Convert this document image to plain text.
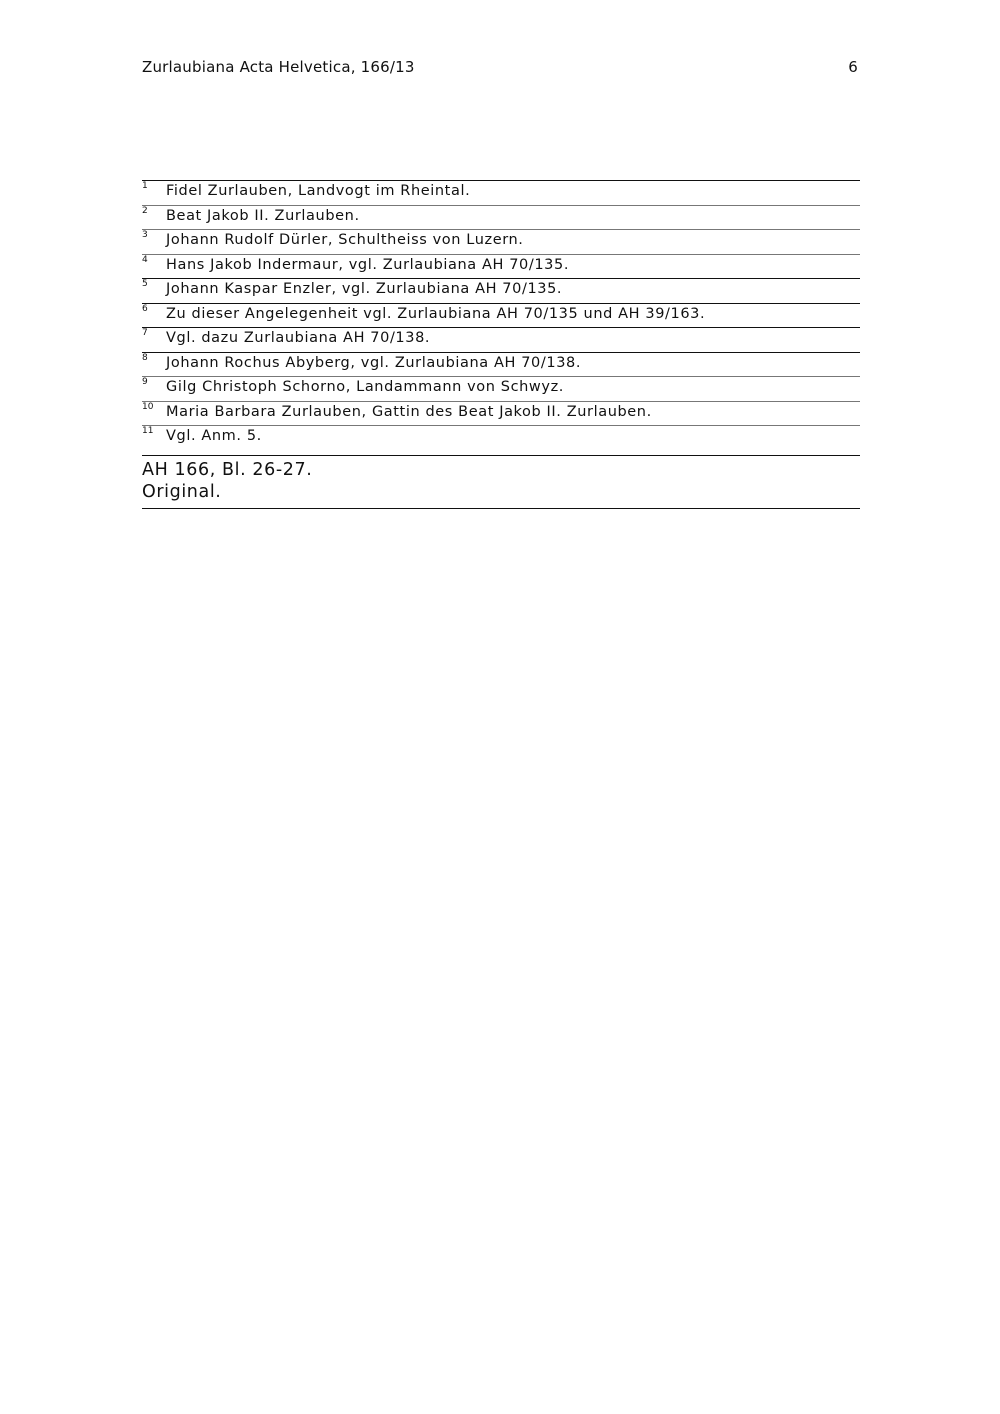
Zurlaubiana Acta Helvetica, 166/13	6
1 Fidel Zurlauben, Landvogt im Rheintal.
2 Beat Jakob II. Zurlauben.
3 Johann Rudolf Dürler, Schultheiss von Luzern.
4 Hans Jakob Indermaur, vgl. Zurlaubiana AH 70/135.
5 Johann Kaspar Enzler, vgl. Zurlaubiana AH 70/135.
6 Zu dieser Angelegenheit vgl. Zurlaubiana AH 70/135 und AH 39/163.
7 Vgl. dazu Zurlaubiana AH 70/138.
8 Johann Rochus Abyberg, vgl. Zurlaubiana AH 70/138.
9 Gilg Christoph Schorno, Landammann von Schwyz.
10 Maria Barbara Zurlauben, Gattin des Beat Jakob II. Zurlauben.
11 Vgl. Anm. 5.
AH 166, Bl. 26-27.
Original.
